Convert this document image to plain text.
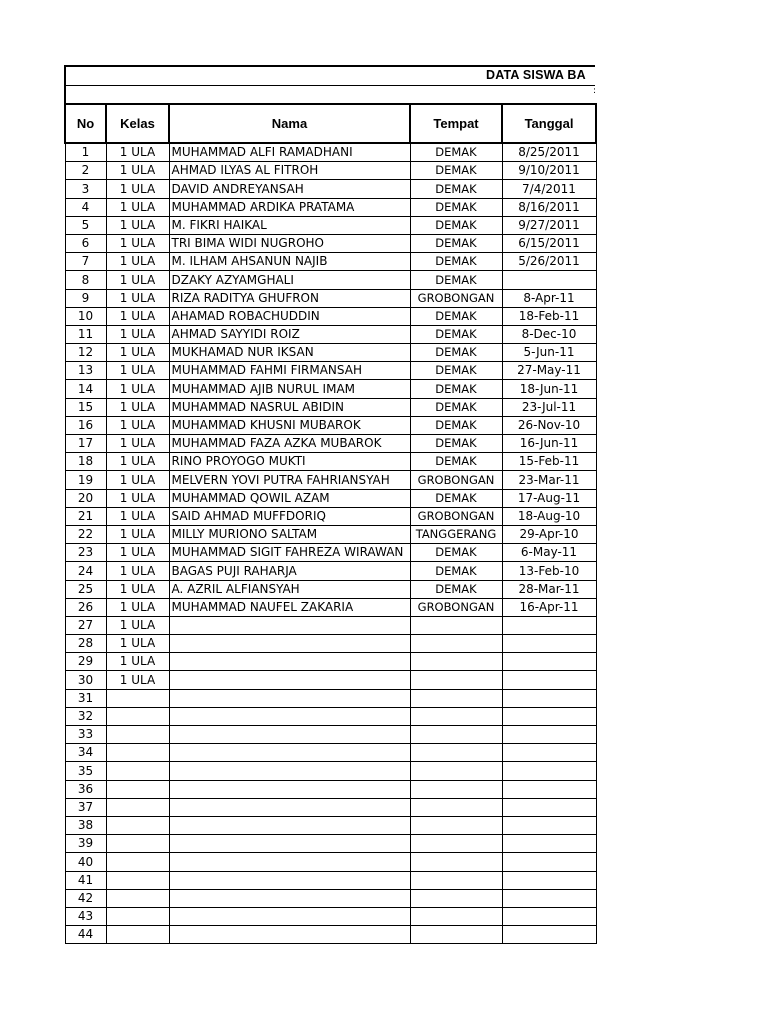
DATA SISWA BA
:
No	Kelas	Nama	Tempat	Tanggal
1	1 ULA	MUHAMMAD ALFI RAMADHANI	DEMAK	8/25/2011
2	1 ULA	AHMAD ILYAS AL FITROH	DEMAK	9/10/2011
3	1 ULA	DAVID ANDREYANSAH	DEMAK	7/4/2011
4	1 ULA	MUHAMMAD ARDIKA PRATAMA	DEMAK	8/16/2011
5	1 ULA	M. FIKRI HAIKAL	DEMAK	9/27/2011
6	1 ULA	TRI BIMA WIDI NUGROHO	DEMAK	6/15/2011
7	1 ULA	M. ILHAM AHSANUN NAJIB	DEMAK	5/26/2011
8	1 ULA	DZAKY AZYAMGHALI	DEMAK	
9	1 ULA	RIZA RADITYA GHUFRON	GROBONGAN	8-Apr-11
10	1 ULA	AHAMAD ROBACHUDDIN	DEMAK	18-Feb-11
11	1 ULA	AHMAD SAYYIDI ROIZ	DEMAK	8-Dec-10
12	1 ULA	MUKHAMAD NUR IKSAN	DEMAK	5-Jun-11
13	1 ULA	MUHAMMAD FAHMI FIRMANSAH	DEMAK	27-May-11
14	1 ULA	MUHAMMAD AJIB NURUL IMAM	DEMAK	18-Jun-11
15	1 ULA	MUHAMMAD NASRUL ABIDIN	DEMAK	23-Jul-11
16	1 ULA	MUHAMMAD KHUSNI MUBAROK	DEMAK	26-Nov-10
17	1 ULA	MUHAMMAD FAZA AZKA MUBAROK	DEMAK	16-Jun-11
18	1 ULA	RINO PROYOGO MUKTI	DEMAK	15-Feb-11
19	1 ULA	MELVERN YOVI PUTRA FAHRIANSYAH	GROBONGAN	23-Mar-11
20	1 ULA	MUHAMMAD QOWIL AZAM	DEMAK	17-Aug-11
21	1 ULA	SAID AHMAD MUFFDORIQ	GROBONGAN	18-Aug-10
22	1 ULA	MILLY MURIONO SALTAM	TANGGERANG	29-Apr-10
23	1 ULA	MUHAMMAD SIGIT FAHREZA WIRAWAN	DEMAK	6-May-11
24	1 ULA	BAGAS PUJI RAHARJA	DEMAK	13-Feb-10
25	1 ULA	A. AZRIL ALFIANSYAH	DEMAK	28-Mar-11
26	1 ULA	MUHAMMAD NAUFEL ZAKARIA	GROBONGAN	16-Apr-11
27	1 ULA			
28	1 ULA			
29	1 ULA			
30	1 ULA			
31				
32				
33				
34				
35				
36				
37				
38				
39				
40				
41				
42				
43				
44				
